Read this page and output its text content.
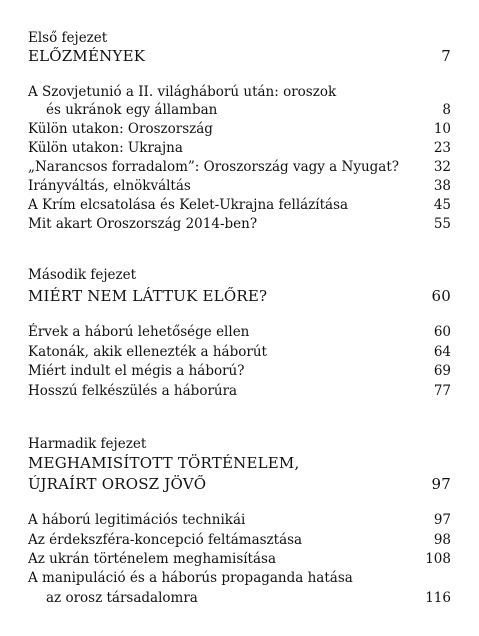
Első fejezet
ELŐZMÉNYEK	7
A Szovjetunió a II. világháború után: oroszok
és ukránok egy államban	8
Külön utakon: Oroszország	10
Külön utakon: Ukrajna	23
„Narancsos forradalom”: Oroszország vagy a Nyugat?	32
Irányváltás, elnökváltás	38
A Krím elcsatolása és Kelet-Ukrajna fellázítása	45
Mit akart Oroszország 2014-ben?	55
Második fejezet
MIÉRT NEM LÁTTUK ELŐRE?	60
Érvek a háború lehetősége ellen	60
Katonák, akik ellenezték a háborút	64
Miért indult el mégis a háború?	69
Hosszú felkészülés a háborúra	77
Harmadik fejezet
MEGHAMISÍTOTT TÖRTÉNELEM,
ÚJRAÍRT OROSZ JÖVŐ	97
A háború legitimációs technikái	97
Az érdekszféra-koncepció feltámasztása	98
Az ukrán történelem meghamisítása	108
A manipuláció és a háborús propaganda hatása
az orosz társadalomra	116
